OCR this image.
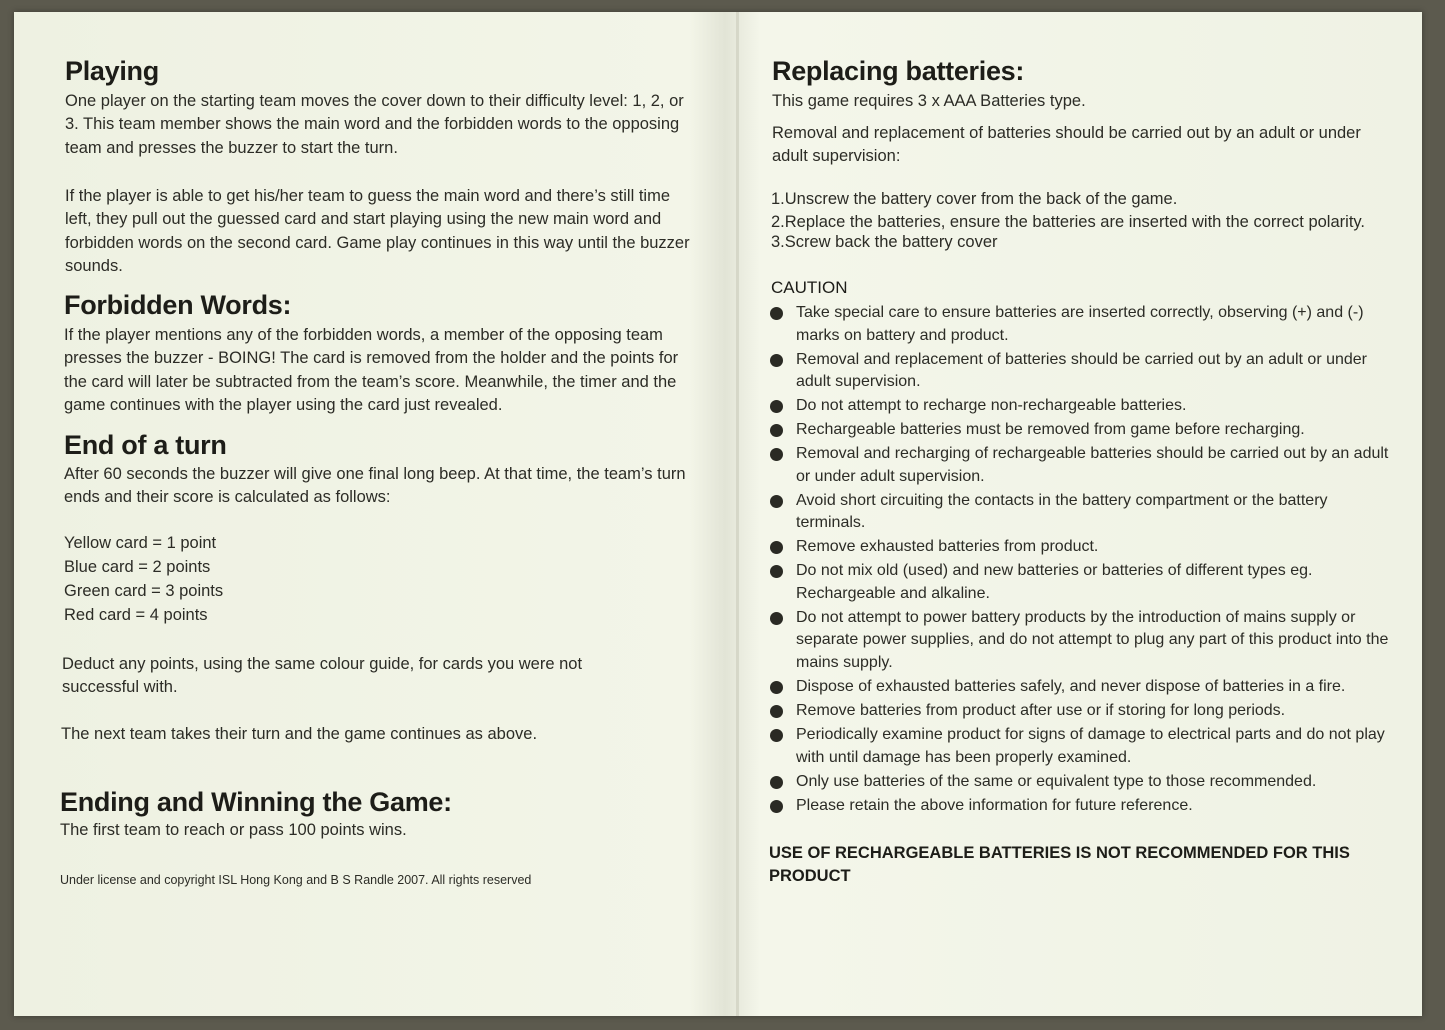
Playing

One player on the starting team moves the cover down to their difficulty level: 1, 2, or 3. This team member shows the main word and the forbidden words to the opposing team and presses the buzzer to start the turn.

If the player is able to get his/her team to guess the main word and there’s still time left, they pull out the guessed card and start playing using the new main word and forbidden words on the second card. Game play continues in this way until the buzzer sounds.

Forbidden Words:

If the player mentions any of the forbidden words, a member of the opposing team presses the buzzer - BOING! The card is removed from the holder and the points for the card will later be subtracted from the team’s score. Meanwhile, the timer and the game continues with the player using the card just revealed.

End of a turn

After 60 seconds the buzzer will give one final long beep. At that time, the team’s turn ends and their score is calculated as follows:

Yellow card = 1 point
Blue card = 2 points
Green card = 3 points
Red card = 4 points

Deduct any points, using the same colour guide, for cards you were not successful with.

The next team takes their turn and the game continues as above.
Ending and Winning the Game:
The first team to reach or pass 100 points wins.
Under license and copyright ISL Hong Kong and B S Randle 2007. All rights reserved
Replacing batteries:
This game requires 3 x AAA Batteries type.

Removal and replacement of batteries should be carried out by an adult or under adult supervision:

1.Unscrew the battery cover from the back of the game.
2.Replace the batteries, ensure the batteries are inserted with the correct polarity.
3.Screw back the battery cover
CAUTION
Take special care to ensure batteries are inserted correctly, observing (+) and (-) marks on battery and product.
Removal and replacement of batteries should be carried out by an adult or under adult supervision.
Do not attempt to recharge non-rechargeable batteries.
Rechargeable batteries must be removed from game before recharging.
Removal and recharging of rechargeable batteries should be carried out by an adult or under adult supervision.
Avoid short circuiting the contacts in the battery compartment or the battery terminals.
Remove exhausted batteries from product.
Do not mix old (used) and new batteries or batteries of different types eg. Rechargeable and alkaline.
Do not attempt to power battery products by the introduction of mains supply or separate power supplies, and do not attempt to plug any part of this product into the mains supply.
Dispose of exhausted batteries safely, and never dispose of batteries in a fire.
Remove batteries from product after use or if storing for long periods.
Periodically examine product for signs of damage to electrical parts and do not play with until damage has been properly examined.
Only use batteries of the same or equivalent type to those recommended.
Please retain the above information for future reference.

USE OF RECHARGEABLE BATTERIES IS NOT RECOMMENDED FOR THIS PRODUCT
